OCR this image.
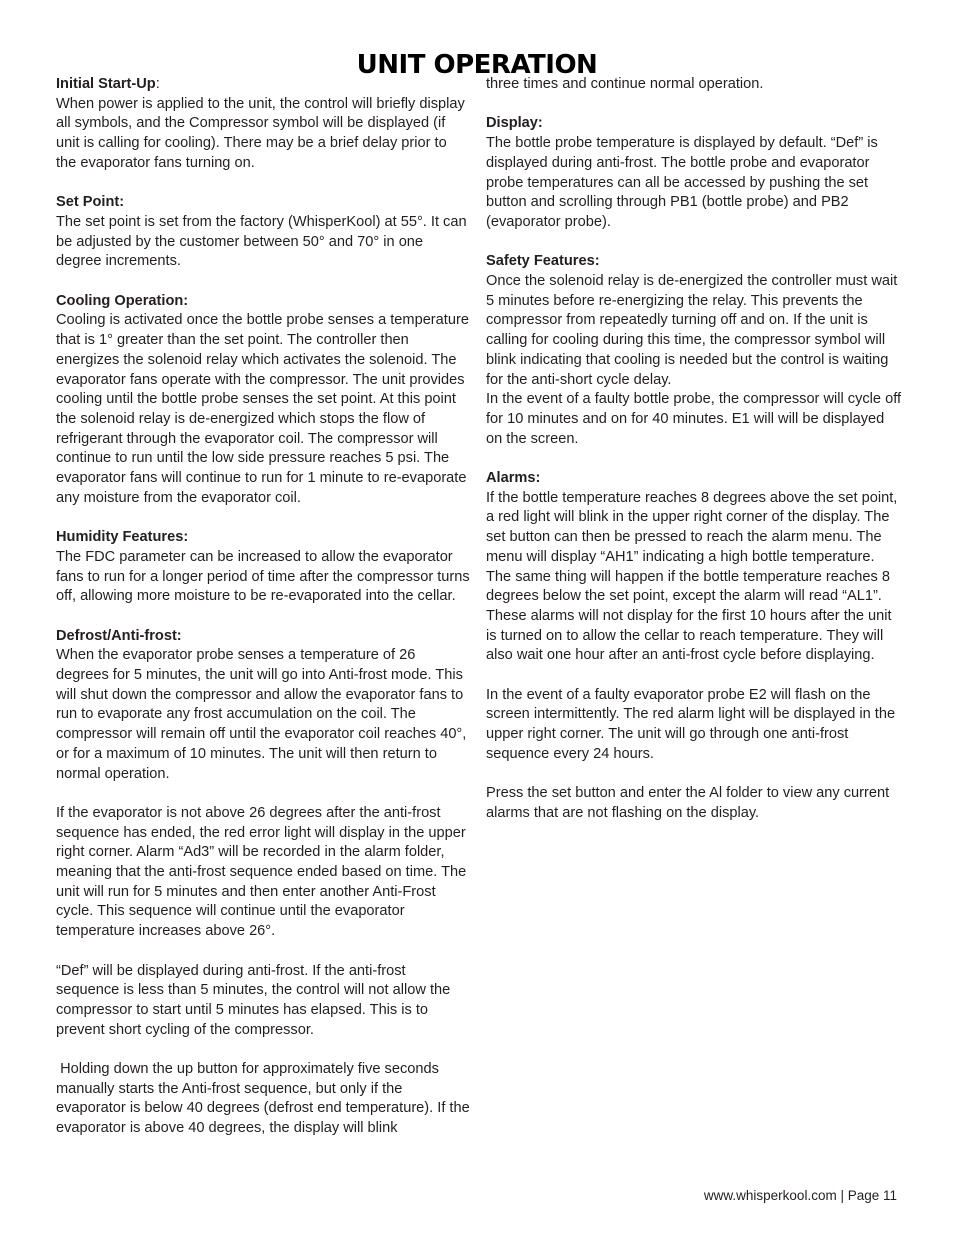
UNIT OPERATION
Initial Start-Up:

When power is applied to the unit, the control will briefly display all symbols, and the Compressor symbol will be displayed (if unit is calling for cooling). There may be a brief delay prior to the evaporator fans turning on.

Set Point:

The set point is set from the factory (WhisperKool) at 55°. It can be adjusted by the customer between 50° and 70° in one degree increments.

Cooling Operation:

Cooling is activated once the bottle probe senses a temperature that is 1° greater than the set point. The controller then energizes the solenoid relay which activates the solenoid. The evaporator fans operate with the compressor. The unit provides cooling until the bottle probe senses the set point. At this point the solenoid relay is de-energized which stops the flow of refrigerant through the evaporator coil. The compressor will continue to run until the low side pressure reaches 5 psi. The evaporator fans will continue to run for 1 minute to re-evaporate any moisture from the evaporator coil.

Humidity Features:

The FDC parameter can be increased to allow the evaporator fans to run for a longer period of time after the compressor turns off, allowing more moisture to be re-evaporated into the cellar.

Defrost/Anti-frost:

When the evaporator probe senses a temperature of 26 degrees for 5 minutes, the unit will go into Anti-frost mode. This will shut down the compressor and allow the evaporator fans to run to evaporate any frost accumulation on the coil. The compressor will remain off until the evaporator coil reaches 40°, or for a maximum of 10 minutes. The unit will then return to normal operation.

If the evaporator is not above 26 degrees after the anti-frost sequence has ended, the red error light will display in the upper right corner. Alarm “Ad3” will be recorded in the alarm folder, meaning that the anti-frost sequence ended based on time. The unit will run for 5 minutes and then enter another Anti-Frost cycle. This sequence will continue until the evaporator temperature increases above 26°.

“Def” will be displayed during anti-frost. If the anti-frost sequence is less than 5 minutes, the control will not allow the compressor to start until 5 minutes has elapsed. This is to prevent short cycling of the compressor.

Holding down the up button for approximately five seconds manually starts the Anti-frost sequence, but only if the evaporator is below 40 degrees (defrost end temperature). If the evaporator is above 40 degrees, the display will blink

three times and continue normal operation.

Display:

The bottle probe temperature is displayed by default. “Def” is displayed during anti-frost. The bottle probe and evaporator probe temperatures can all be accessed by pushing the set button and scrolling through PB1 (bottle probe) and PB2 (evaporator probe).

Safety Features:

Once the solenoid relay is de-energized the controller must wait 5 minutes before re-energizing the relay. This prevents the compressor from repeatedly turning off and on. If the unit is calling for cooling during this time, the compressor symbol will blink indicating that cooling is needed but the control is waiting for the anti-short cycle delay.

In the event of a faulty bottle probe, the compressor will cycle off for 10 minutes and on for 40 minutes. E1 will will be displayed on the screen.

Alarms:

If the bottle temperature reaches 8 degrees above the set point, a red light will blink in the upper right corner of the display. The set button can then be pressed to reach the alarm menu. The menu will display “AH1” indicating a high bottle temperature. The same thing will happen if the bottle temperature reaches 8 degrees below the set point, except the alarm will read “AL1”. These alarms will not display for the first 10 hours after the unit is turned on to allow the cellar to reach temperature. They will also wait one hour after an anti-frost cycle before displaying.

In the event of a faulty evaporator probe E2 will flash on the screen intermittently. The red alarm light will be displayed in the upper right corner. The unit will go through one anti-frost sequence every 24 hours.

Press the set button and enter the Al folder to view any current alarms that are not flashing on the display.

www.whisperkool.com | Page 11
